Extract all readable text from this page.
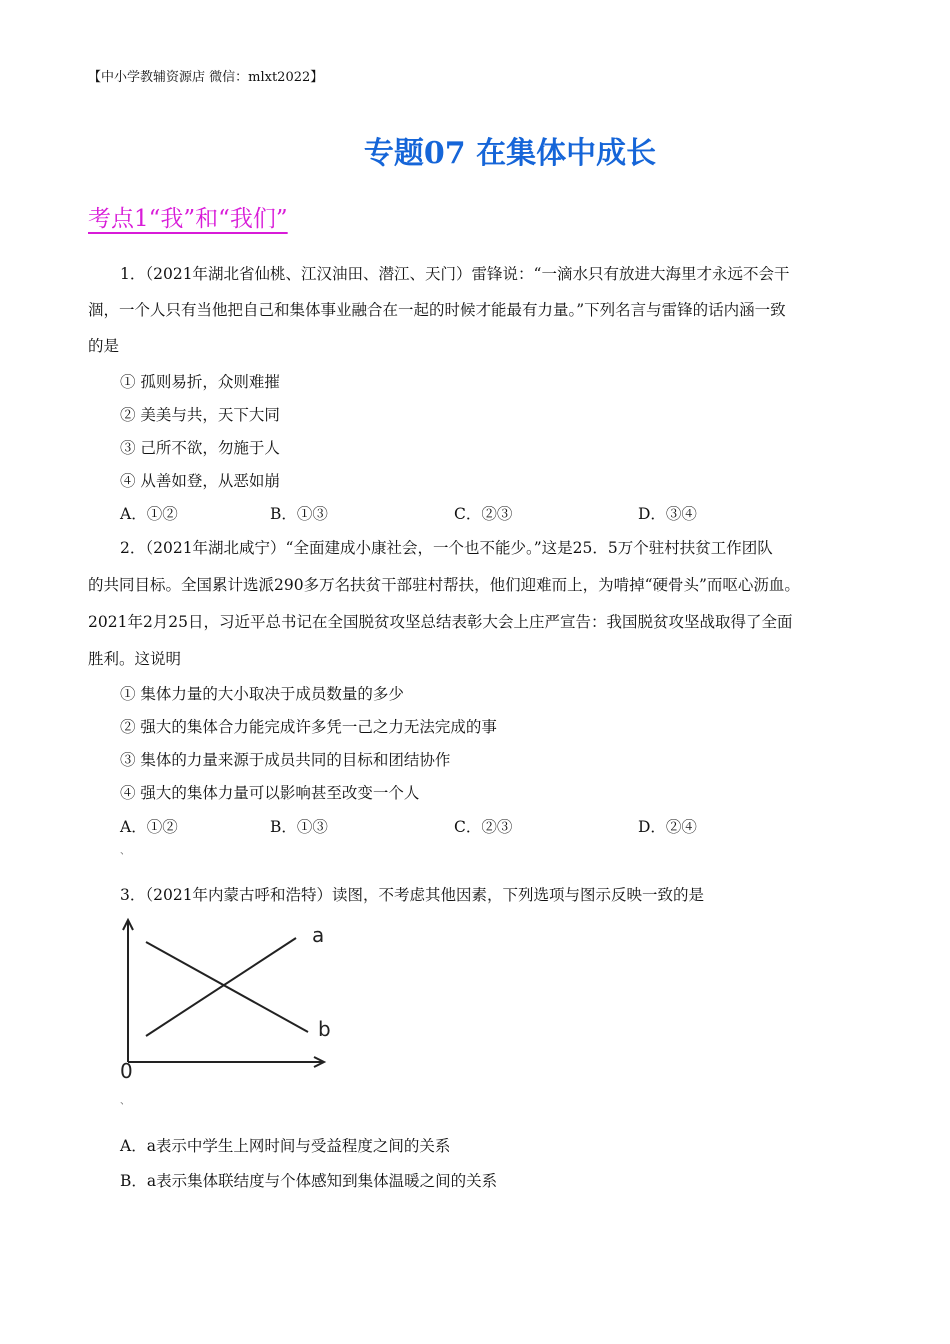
【中小学教辅资源店 微信：mlxt2022】
专题07 在集体中成长
考点1“我”和“我们”
1．（2021年湖北省仙桃、江汉油田、潜江、天门）雷锋说：“一滴水只有放进大海里才永远不会干
涸，一个人只有当他把自己和集体事业融合在一起的时候才能最有力量。”下列名言与雷锋的话内涵一致
的是
① 孤则易折，众则难摧
② 美美与共，天下大同
③ 己所不欲，勿施于人
④ 从善如登，从恶如崩
A．①②	B．①③	C．②③	D．③④
2．（2021年湖北咸宁）“全面建成小康社会，一个也不能少。”这是25．5万个驻村扶贫工作团队
的共同目标。全国累计选派290多万名扶贫干部驻村帮扶，他们迎难而上，为啃掉“硬骨头”而呕心沥血。
2021年2月25日，习近平总书记在全国脱贫攻坚总结表彰大会上庄严宣告：我国脱贫攻坚战取得了全面
胜利。这说明
① 集体力量的大小取决于成员数量的多少
② 强大的集体合力能完成许多凭一己之力无法完成的事
③ 集体的力量来源于成员共同的目标和团结协作
④ 强大的集体力量可以影响甚至改变一个人
A．①②	B．①③	C．②③	D．②④
、
3．（2021年内蒙古呼和浩特）读图，不考虑其他因素，下列选项与图示反映一致的是
a
b
0
、
A．a表示中学生上网时间与受益程度之间的关系
B．a表示集体联结度与个体感知到集体温暖之间的关系
